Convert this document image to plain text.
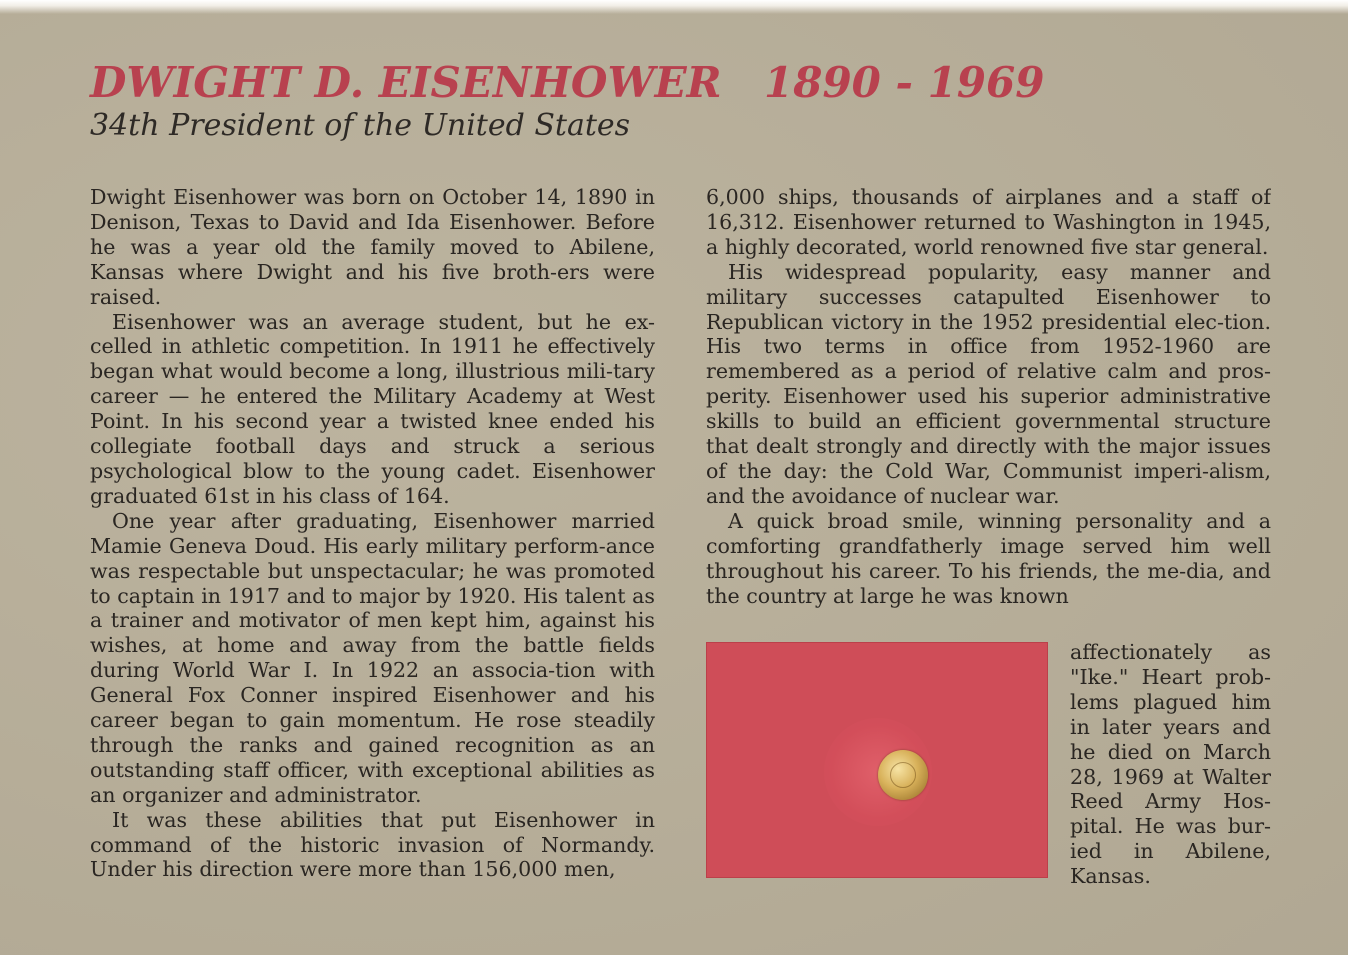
DWIGHT D. EISENHOWER 1890 - 1969
34th President of the United States

Dwight Eisenhower was born on October 14, 1890 in Denison, Texas to David and Ida Eisenhower. Before he was a year old the family moved to Abilene, Kansas where Dwight and his five broth-ers were raised.

Eisenhower was an average student, but he ex-celled in athletic competition. In 1911 he effectively began what would become a long, illustrious mili-tary career — he entered the Military Academy at West Point. In his second year a twisted knee ended his collegiate football days and struck a serious psychological blow to the young cadet. Eisenhower graduated 61st in his class of 164.

One year after graduating, Eisenhower married Mamie Geneva Doud. His early military perform-ance was respectable but unspectacular; he was promoted to captain in 1917 and to major by 1920. His talent as a trainer and motivator of men kept him, against his wishes, at home and away from the battle fields during World War I. In 1922 an associa-tion with General Fox Conner inspired Eisenhower and his career began to gain momentum. He rose steadily through the ranks and gained recognition as an outstanding staff officer, with exceptional abilities as an organizer and administrator.

It was these abilities that put Eisenhower in command of the historic invasion of Normandy. Under his direction were more than 156,000 men,

6,000 ships, thousands of airplanes and a staff of 16,312. Eisenhower returned to Washington in 1945, a highly decorated, world renowned five star general.

His widespread popularity, easy manner and military successes catapulted Eisenhower to Republican victory in the 1952 presidential elec-tion. His two terms in office from 1952-1960 are remembered as a period of relative calm and pros-perity. Eisenhower used his superior administrative skills to build an efficient governmental structure that dealt strongly and directly with the major issues of the day: the Cold War, Communist imperi-alism, and the avoidance of nuclear war.

A quick broad smile, winning personality and a comforting grandfatherly image served him well throughout his career. To his friends, the me-dia, and the country at large he was known

affectionately as "Ike." Heart prob-lems plagued him in later years and he died on March 28, 1969 at Walter Reed Army Hos-pital. He was bur-ied in Abilene, Kansas.
